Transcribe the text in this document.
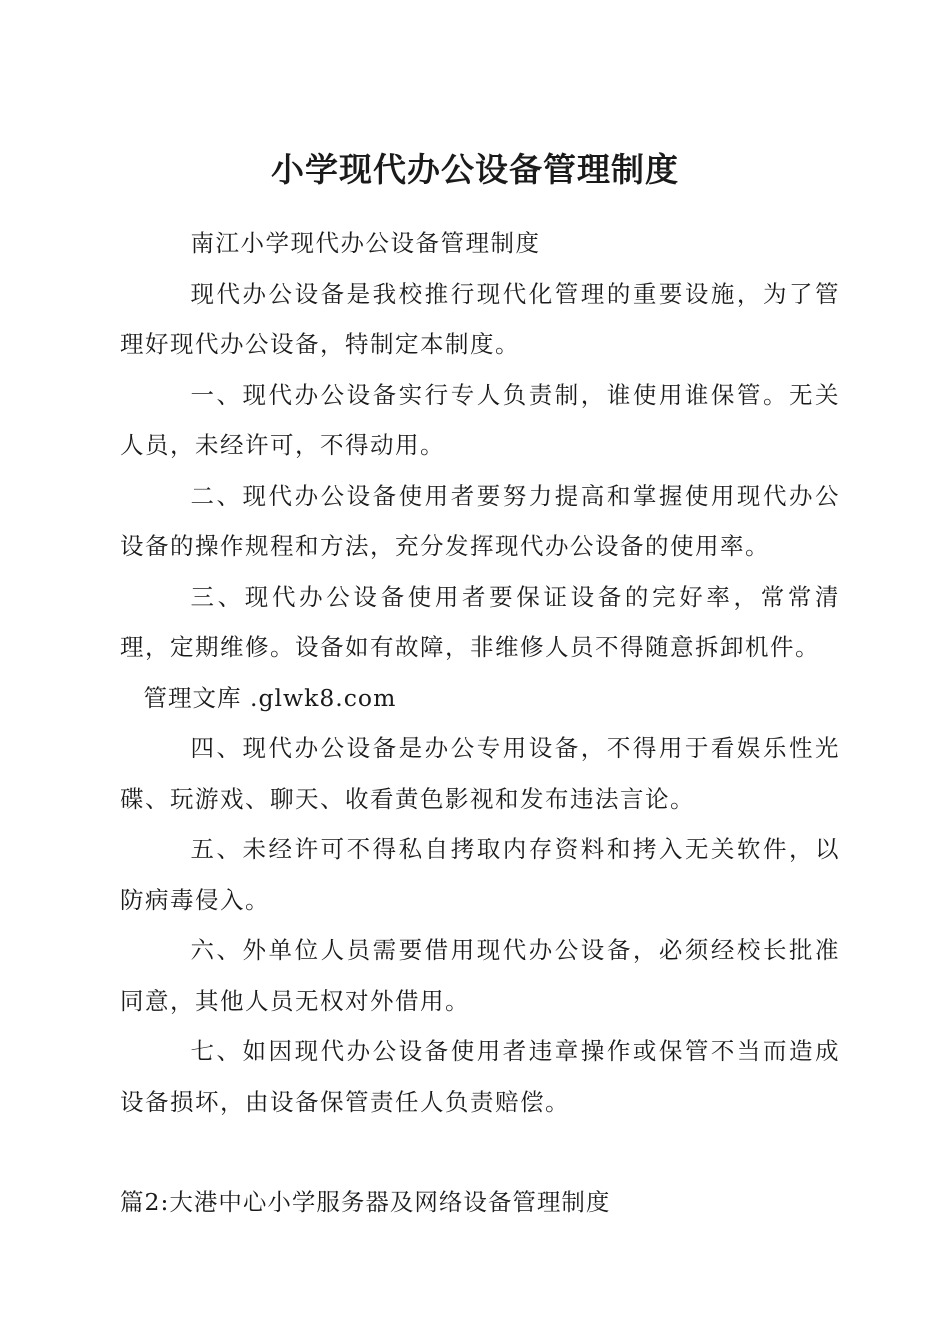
小学现代办公设备管理制度

南江小学现代办公设备管理制度

现代办公设备是我校推行现代化管理的重要设施，为了管理好现代办公设备，特制定本制度。

一、现代办公设备实行专人负责制，谁使用谁保管。无关人员，未经许可，不得动用。

二、现代办公设备使用者要努力提高和掌握使用现代办公设备的操作规程和方法，充分发挥现代办公设备的使用率。

三、现代办公设备使用者要保证设备的完好率，常常清理，定期维修。设备如有故障，非维修人员不得随意拆卸机件。

管理文库 .glwk8.com

四、现代办公设备是办公专用设备，不得用于看娱乐性光碟、玩游戏、聊天、收看黄色影视和发布违法言论。

五、未经许可不得私自拷取内存资料和拷入无关软件，以防病毒侵入。

六、外单位人员需要借用现代办公设备，必须经校长批准同意，其他人员无权对外借用。

七、如因现代办公设备使用者违章操作或保管不当而造成设备损坏，由设备保管责任人负责赔偿。

篇2:大港中心小学服务器及网络设备管理制度
